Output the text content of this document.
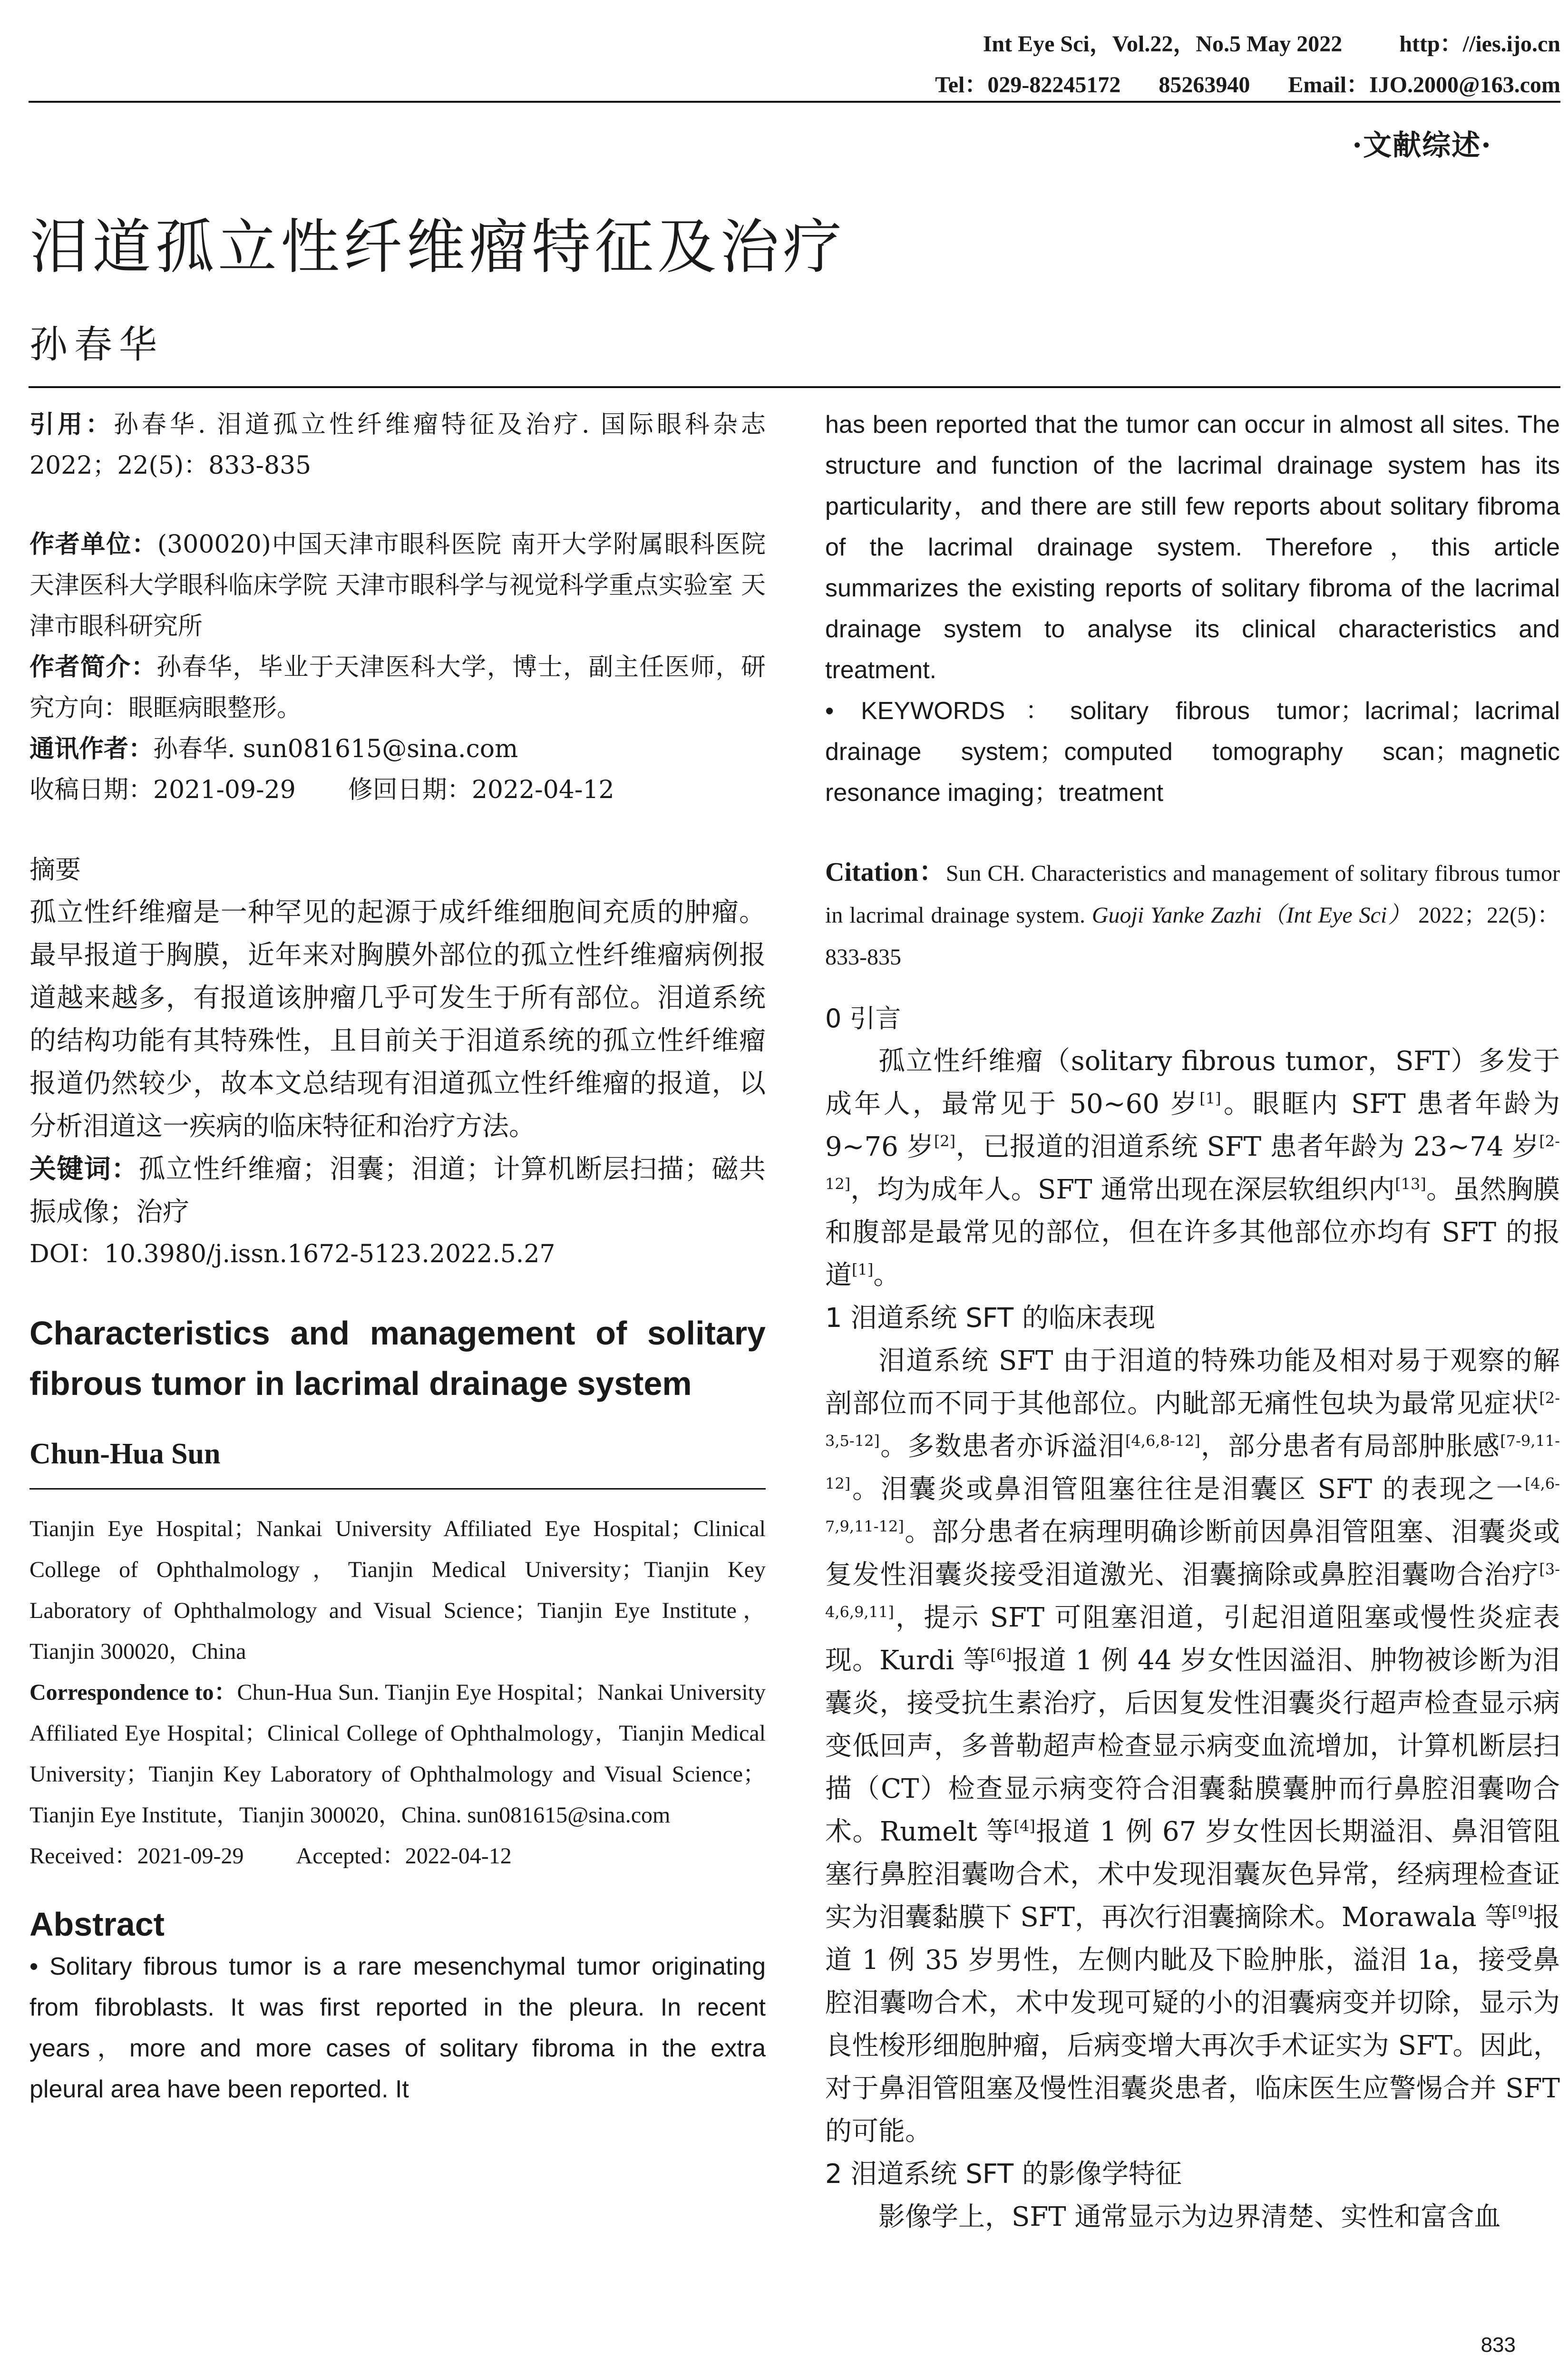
Int Eye Sci，Vol.22，No.5 May 2022	http：//ies.ijo.cn
Tel：029-82245172 85263940 Email：IJO.2000@163.com
·文献综述·
泪道孤立性纤维瘤特征及治疗
孙春华

引用：孙春华. 泪道孤立性纤维瘤特征及治疗. 国际眼科杂志 2022；22(5)：833-835

作者单位：(300020)中国天津市眼科医院 南开大学附属眼科医院 天津医科大学眼科临床学院 天津市眼科学与视觉科学重点实验室 天津市眼科研究所

作者简介：孙春华，毕业于天津医科大学，博士，副主任医师，研究方向：眼眶病眼整形。

通讯作者：孙春华. sun081615@sina.com

收稿日期：2021-09-29 修回日期：2022-04-12

摘要

孤立性纤维瘤是一种罕见的起源于成纤维细胞间充质的肿瘤。最早报道于胸膜，近年来对胸膜外部位的孤立性纤维瘤病例报道越来越多，有报道该肿瘤几乎可发生于所有部位。泪道系统的结构功能有其特殊性，且目前关于泪道系统的孤立性纤维瘤报道仍然较少，故本文总结现有泪道孤立性纤维瘤的报道，以分析泪道这一疾病的临床特征和治疗方法。

关键词：孤立性纤维瘤；泪囊；泪道；计算机断层扫描；磁共振成像；治疗

DOI：10.3980/j.issn.1672-5123.2022.5.27

Characteristics and management of solitary fibrous tumor in lacrimal drainage system

Chun-Hua Sun

Tianjin Eye Hospital；Nankai University Affiliated Eye Hospital；Clinical College of Ophthalmology，Tianjin Medical University；Tianjin Key Laboratory of Ophthalmology and Visual Science；Tianjin Eye Institute，Tianjin 300020，China

Correspondence to：Chun-Hua Sun. Tianjin Eye Hospital；Nankai University Affiliated Eye Hospital；Clinical College of Ophthalmology，Tianjin Medical University；Tianjin Key Laboratory of Ophthalmology and Visual Science；Tianjin Eye Institute，Tianjin 300020，China. sun081615@sina.com

Received：2021-09-29 Accepted：2022-04-12

Abstract

• Solitary fibrous tumor is a rare mesenchymal tumor originating from fibroblasts. It was first reported in the pleura. In recent years，more and more cases of solitary fibroma in the extra pleural area have been reported. It

has been reported that the tumor can occur in almost all sites. The structure and function of the lacrimal drainage system has its particularity，and there are still few reports about solitary fibroma of the lacrimal drainage system. Therefore，this article summarizes the existing reports of solitary fibroma of the lacrimal drainage system to analyse its clinical characteristics and treatment.

• KEYWORDS：solitary fibrous tumor；lacrimal；lacrimal drainage system；computed tomography scan；magnetic resonance imaging；treatment

Citation：Sun CH. Characteristics and management of solitary fibrous tumor in lacrimal drainage system. Guoji Yanke Zazhi（Int Eye Sci） 2022；22(5)：833-835

0 引言

孤立性纤维瘤（solitary fibrous tumor，SFT）多发于成年人，最常见于 50~60 岁[1]。眼眶内 SFT 患者年龄为 9~76 岁[2]，已报道的泪道系统 SFT 患者年龄为 23~74 岁[2-12]，均为成年人。SFT 通常出现在深层软组织内[13]。虽然胸膜和腹部是最常见的部位，但在许多其他部位亦均有 SFT 的报道[1]。

1 泪道系统 SFT 的临床表现

泪道系统 SFT 由于泪道的特殊功能及相对易于观察的解剖部位而不同于其他部位。内眦部无痛性包块为最常见症状[2-3,5-12]。多数患者亦诉溢泪[4,6,8-12]，部分患者有局部肿胀感[7-9,11-12]。泪囊炎或鼻泪管阻塞往往是泪囊区 SFT 的表现之一[4,6-7,9,11-12]。部分患者在病理明确诊断前因鼻泪管阻塞、泪囊炎或复发性泪囊炎接受泪道激光、泪囊摘除或鼻腔泪囊吻合治疗[3-4,6,9,11]，提示 SFT 可阻塞泪道，引起泪道阻塞或慢性炎症表现。Kurdi 等[6]报道 1 例 44 岁女性因溢泪、肿物被诊断为泪囊炎，接受抗生素治疗，后因复发性泪囊炎行超声检查显示病变低回声，多普勒超声检查显示病变血流增加，计算机断层扫描（CT）检查显示病变符合泪囊黏膜囊肿而行鼻腔泪囊吻合术。Rumelt 等[4]报道 1 例 67 岁女性因长期溢泪、鼻泪管阻塞行鼻腔泪囊吻合术，术中发现泪囊灰色异常，经病理检查证实为泪囊黏膜下 SFT，再次行泪囊摘除术。Morawala 等[9]报道 1 例 35 岁男性，左侧内眦及下睑肿胀，溢泪 1a，接受鼻腔泪囊吻合术，术中发现可疑的小的泪囊病变并切除，显示为良性梭形细胞肿瘤，后病变增大再次手术证实为 SFT。因此，对于鼻泪管阻塞及慢性泪囊炎患者，临床医生应警惕合并 SFT 的可能。

2 泪道系统 SFT 的影像学特征

影像学上，SFT 通常显示为边界清楚、实性和富含血

833
